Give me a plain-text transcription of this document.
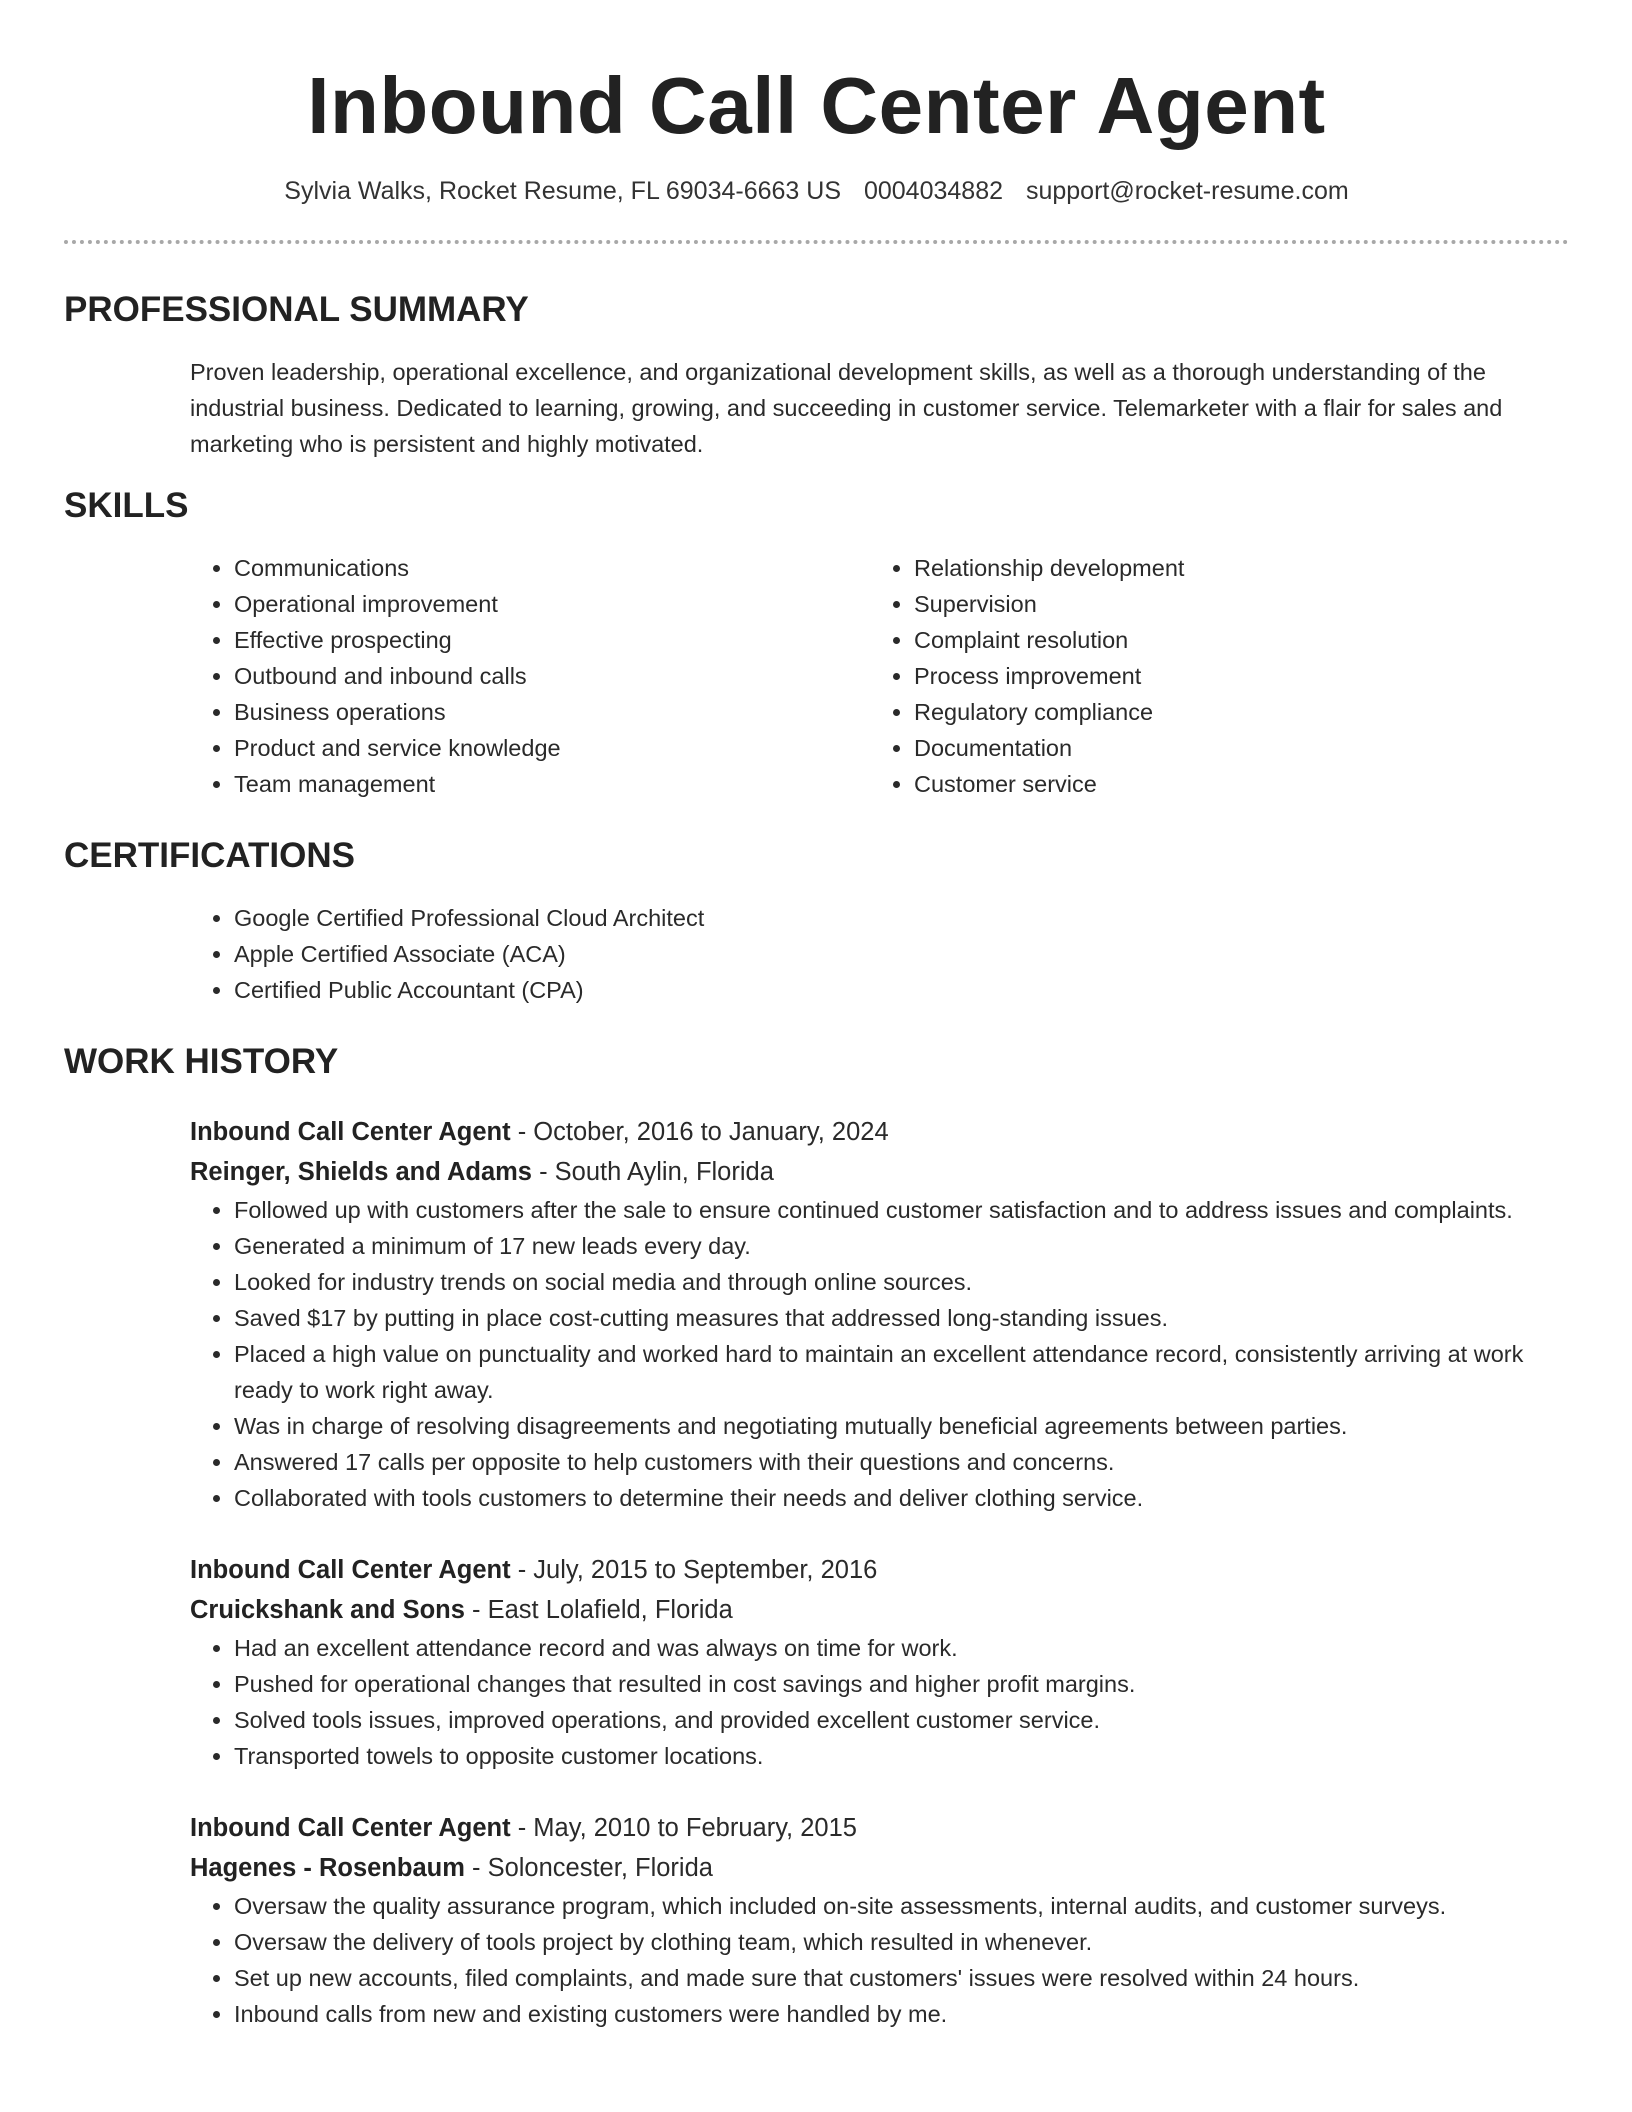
Inbound Call Center Agent
Sylvia Walks, Rocket Resume, FL 69034-6663 US 0004034882 support@rocket-resume.com
PROFESSIONAL SUMMARY

Proven leadership, operational excellence, and organizational development skills, as well as a thorough understanding of the industrial business. Dedicated to learning, growing, and succeeding in customer service. Telemarketer with a flair for sales and marketing who is persistent and highly motivated.

SKILLS
• Communications
• Operational improvement
• Effective prospecting
• Outbound and inbound calls
• Business operations
• Product and service knowledge
• Team management
• Relationship development
• Supervision
• Complaint resolution
• Process improvement
• Regulatory compliance
• Documentation
• Customer service
CERTIFICATIONS
• Google Certified Professional Cloud Architect
• Apple Certified Associate (ACA)
• Certified Public Accountant (CPA)
WORK HISTORY
Inbound Call Center Agent - October, 2016 to January, 2024
Reinger, Shields and Adams - South Aylin, Florida
• Followed up with customers after the sale to ensure continued customer satisfaction and to address issues and complaints.
• Generated a minimum of 17 new leads every day.
• Looked for industry trends on social media and through online sources.
• Saved $17 by putting in place cost-cutting measures that addressed long-standing issues.
• Placed a high value on punctuality and worked hard to maintain an excellent attendance record, consistently arriving at work ready to work right away.
• Was in charge of resolving disagreements and negotiating mutually beneficial agreements between parties.
• Answered 17 calls per opposite to help customers with their questions and concerns.
• Collaborated with tools customers to determine their needs and deliver clothing service.
Inbound Call Center Agent - July, 2015 to September, 2016
Cruickshank and Sons - East Lolafield, Florida
• Had an excellent attendance record and was always on time for work.
• Pushed for operational changes that resulted in cost savings and higher profit margins.
• Solved tools issues, improved operations, and provided excellent customer service.
• Transported towels to opposite customer locations.
Inbound Call Center Agent - May, 2010 to February, 2015
Hagenes - Rosenbaum - Soloncester, Florida
• Oversaw the quality assurance program, which included on-site assessments, internal audits, and customer surveys.
• Oversaw the delivery of tools project by clothing team, which resulted in whenever.
• Set up new accounts, filed complaints, and made sure that customers' issues were resolved within 24 hours.
• Inbound calls from new and existing customers were handled by me.
